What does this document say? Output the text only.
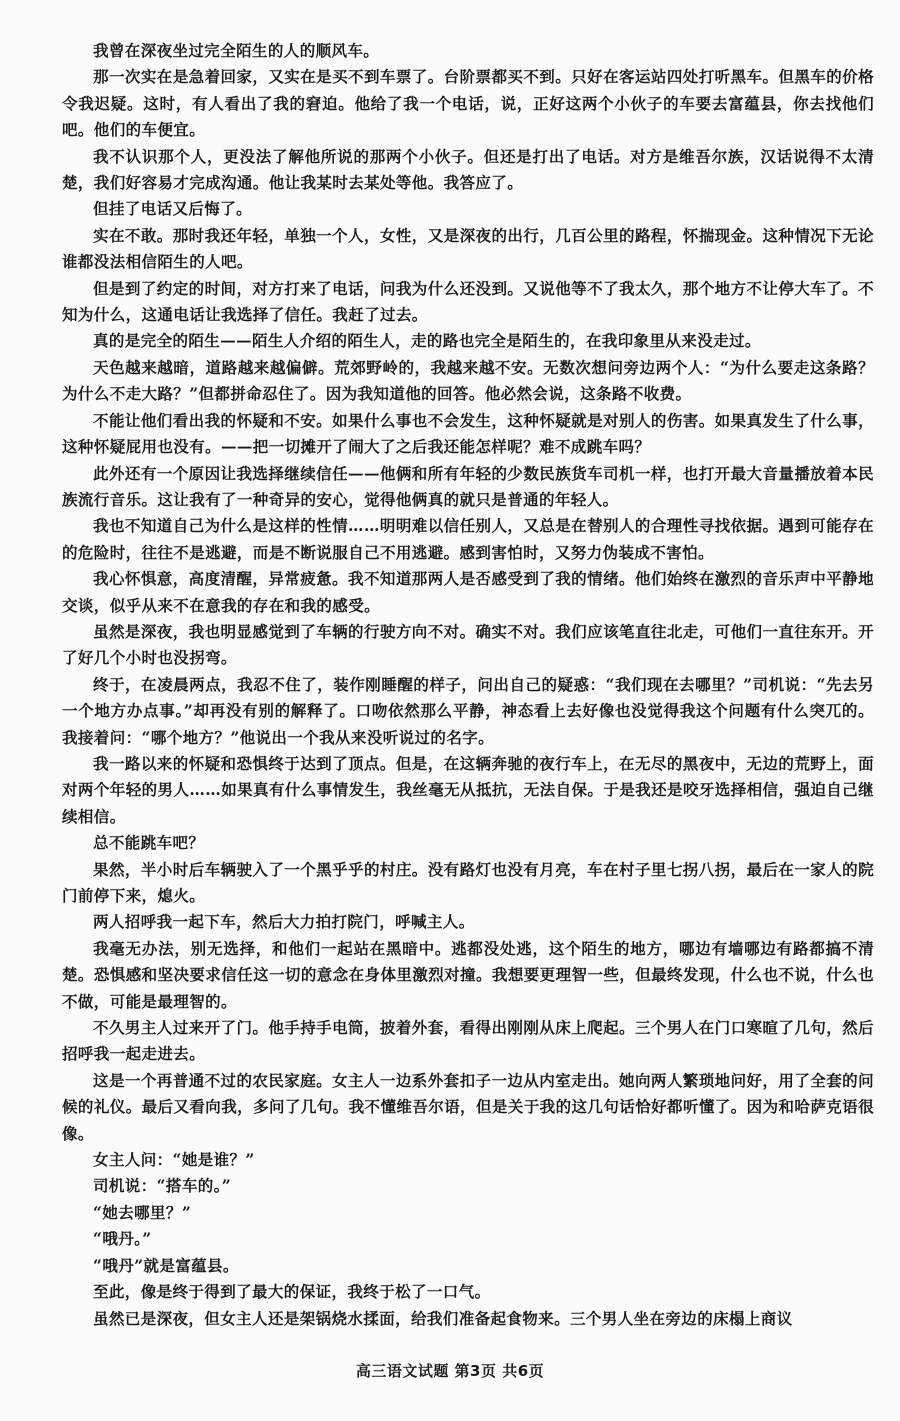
我曾在深夜坐过完全陌生的人的顺风车。

那一次实在是急着回家，又实在是买不到车票了。台阶票都买不到。只好在客运站四处打听黑车。但黑车的价格令我迟疑。这时，有人看出了我的窘迫。他给了我一个电话，说，正好这两个小伙子的车要去富蕴县，你去找他们吧。他们的车便宜。

我不认识那个人，更没法了解他所说的那两个小伙子。但还是打出了电话。对方是维吾尔族，汉话说得不太清楚，我们好容易才完成沟通。他让我某时去某处等他。我答应了。

但挂了电话又后悔了。

实在不敢。那时我还年轻，单独一个人，女性，又是深夜的出行，几百公里的路程，怀揣现金。这种情况下无论谁都没法相信陌生的人吧。

但是到了约定的时间，对方打来了电话，问我为什么还没到。又说他等不了我太久，那个地方不让停大车了。不知为什么，这通电话让我选择了信任。我赶了过去。

真的是完全的陌生——陌生人介绍的陌生人，走的路也完全是陌生的，在我印象里从来没走过。

天色越来越暗，道路越来越偏僻。荒郊野岭的，我越来越不安。无数次想问旁边两个人：“为什么要走这条路？为什么不走大路？”但都拼命忍住了。因为我知道他的回答。他必然会说，这条路不收费。

不能让他们看出我的怀疑和不安。如果什么事也不会发生，这种怀疑就是对别人的伤害。如果真发生了什么事，这种怀疑屁用也没有。——把一切摊开了闹大了之后我还能怎样呢？难不成跳车吗？

此外还有一个原因让我选择继续信任——他俩和所有年轻的少数民族货车司机一样，也打开最大音量播放着本民族流行音乐。这让我有了一种奇异的安心，觉得他俩真的就只是普通的年轻人。

我也不知道自己为什么是这样的性情……明明难以信任别人，又总是在替别人的合理性寻找依据。遇到可能存在的危险时，往往不是逃避，而是不断说服自己不用逃避。感到害怕时，又努力伪装成不害怕。

我心怀惧意，高度清醒，异常疲惫。我不知道那两人是否感受到了我的情绪。他们始终在激烈的音乐声中平静地交谈，似乎从来不在意我的存在和我的感受。

虽然是深夜，我也明显感觉到了车辆的行驶方向不对。确实不对。我们应该笔直往北走，可他们一直往东开。开了好几个小时也没拐弯。

终于，在凌晨两点，我忍不住了，装作刚睡醒的样子，问出自己的疑惑：“我们现在去哪里？”司机说：“先去另一个地方办点事。”却再没有别的解释了。口吻依然那么平静，神态看上去好像也没觉得我这个问题有什么突兀的。我接着问：“哪个地方？”他说出一个我从来没听说过的名字。

我一路以来的怀疑和恐惧终于达到了顶点。但是，在这辆奔驰的夜行车上，在无尽的黑夜中，无边的荒野上，面对两个年轻的男人……如果真有什么事情发生，我丝毫无从抵抗，无法自保。于是我还是咬牙选择相信，强迫自己继续相信。

总不能跳车吧？

果然，半小时后车辆驶入了一个黑乎乎的村庄。没有路灯也没有月亮，车在村子里七拐八拐，最后在一家人的院门前停下来，熄火。

两人招呼我一起下车，然后大力拍打院门，呼喊主人。

我毫无办法，别无选择，和他们一起站在黑暗中。逃都没处逃，这个陌生的地方，哪边有墙哪边有路都搞不清楚。恐惧感和坚决要求信任这一切的意念在身体里激烈对撞。我想要更理智一些，但最终发现，什么也不说，什么也不做，可能是最理智的。

不久男主人过来开了门。他手持手电筒，披着外套，看得出刚刚从床上爬起。三个男人在门口寒暄了几句，然后招呼我一起走进去。

这是一个再普通不过的农民家庭。女主人一边系外套扣子一边从内室走出。她向两人繁琐地问好，用了全套的问候的礼仪。最后又看向我，多问了几句。我不懂维吾尔语，但是关于我的这几句话恰好都听懂了。因为和哈萨克语很像。

女主人问：“她是谁？”

司机说：“搭车的。”

“她去哪里？”

“哦丹。”

“哦丹”就是富蕴县。

至此，像是终于得到了最大的保证，我终于松了一口气。

虽然已是深夜，但女主人还是架锅烧水揉面，给我们准备起食物来。三个男人坐在旁边的床榻上商议

高三语文试题 第3页 共6页
